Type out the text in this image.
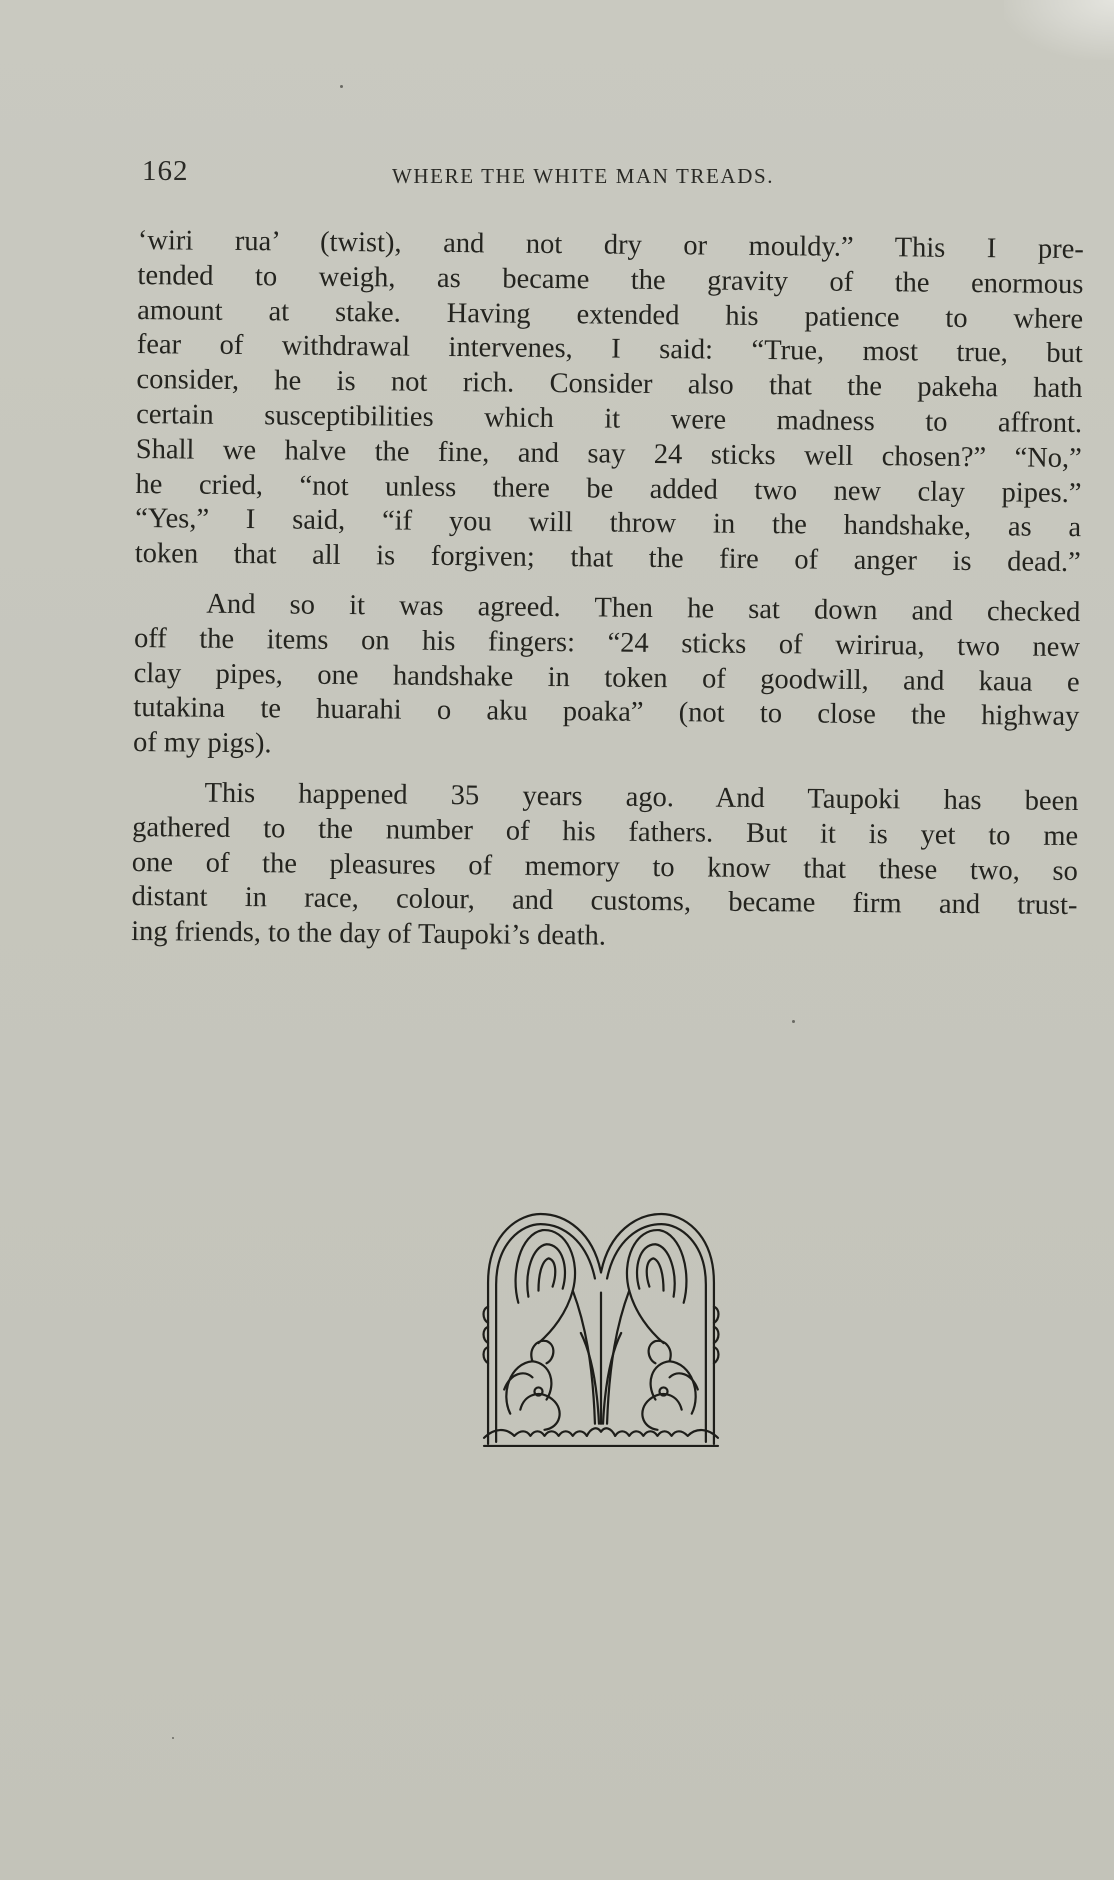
162	WHERE THE WHITE MAN TREADS.
‘wiri rua’ (twist), and not dry or mouldy.” This I pre-
tended to weigh, as became the gravity of the enormous
amount at stake. Having extended his patience to where
fear of withdrawal intervenes, I said: “True, most true, but
consider, he is not rich. Consider also that the pakeha hath
certain susceptibilities which it were madness to affront.
Shall we halve the fine, and say 24 sticks well chosen?” “No,”
he cried, “not unless there be added two new clay pipes.”
“Yes,” I said, “if you will throw in the handshake, as a
token that all is forgiven; that the fire of anger is dead.”
And so it was agreed. Then he sat down and checked
off the items on his fingers: “24 sticks of wirirua, two new
clay pipes, one handshake in token of goodwill, and kaua e
tutakina te huarahi o aku poaka” (not to close the highway
of my pigs).
This happened 35 years ago. And Taupoki has been
gathered to the number of his fathers. But it is yet to me
one of the pleasures of memory to know that these two, so
distant in race, colour, and customs, became firm and trust-
ing friends, to the day of Taupoki’s death.
